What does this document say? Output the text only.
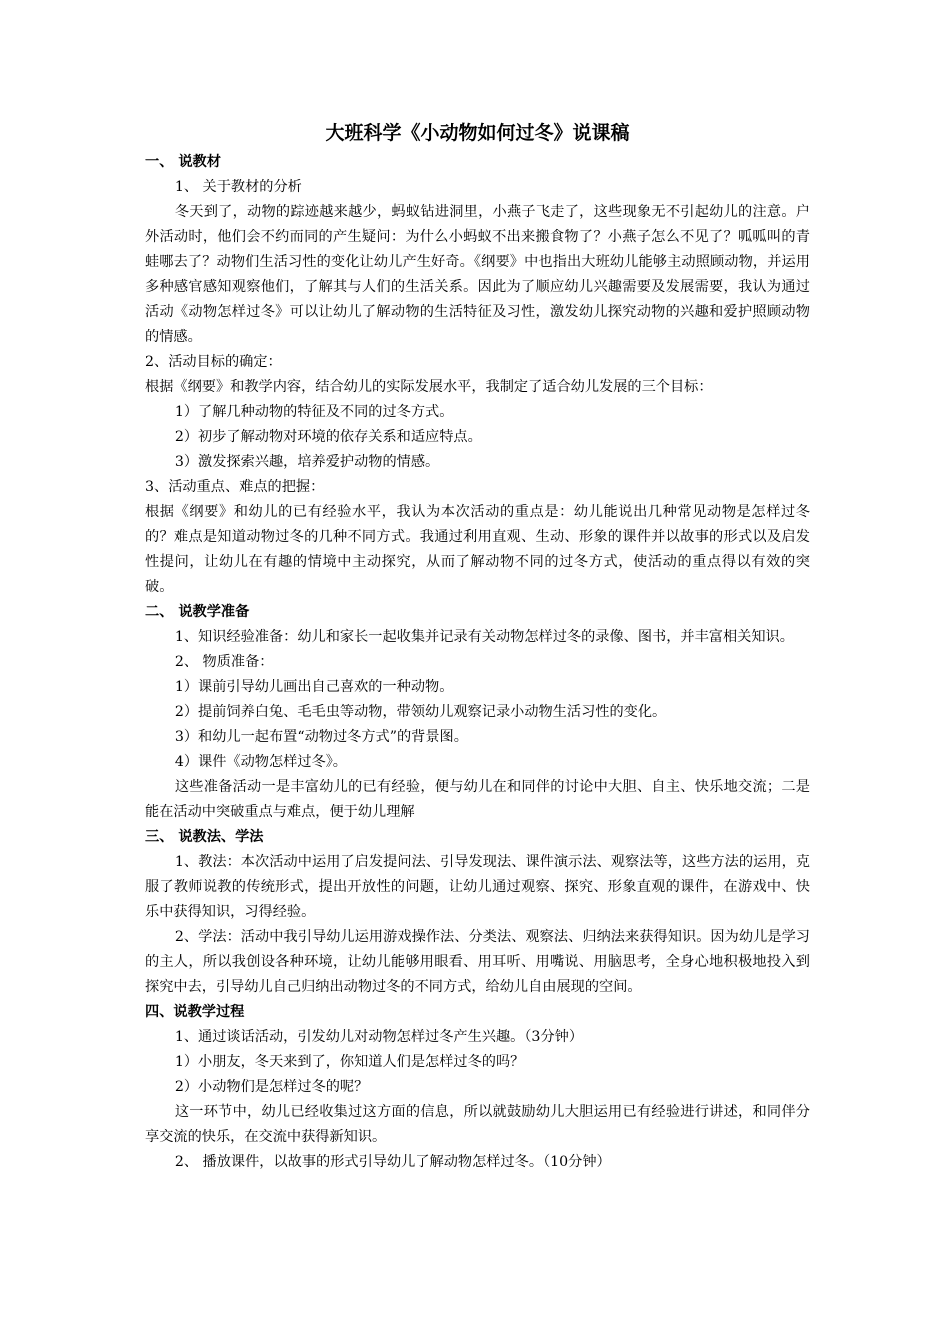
大班科学《小动物如何过冬》说课稿

一、 说教材

1、 关于教材的分析

冬天到了，动物的踪迹越来越少，蚂蚁钻进洞里，小燕子飞走了，这些现象无不引起幼儿的注意。户外活动时，他们会不约而同的产生疑问：为什么小蚂蚁不出来搬食物了？小燕子怎么不见了？呱呱叫的青蛙哪去了？动物们生活习性的变化让幼儿产生好奇。《纲要》中也指出大班幼儿能够主动照顾动物，并运用多种感官感知观察他们，了解其与人们的生活关系。因此为了顺应幼儿兴趣需要及发展需要，我认为通过活动《动物怎样过冬》可以让幼儿了解动物的生活特征及习性，激发幼儿探究动物的兴趣和爱护照顾动物的情感。

2、活动目标的确定：

根据《纲要》和教学内容，结合幼儿的实际发展水平，我制定了适合幼儿发展的三个目标：

1）了解几种动物的特征及不同的过冬方式。

2）初步了解动物对环境的依存关系和适应特点。

3）激发探索兴趣，培养爱护动物的情感。

3、活动重点、难点的把握：

根据《纲要》和幼儿的已有经验水平，我认为本次活动的重点是：幼儿能说出几种常见动物是怎样过冬的？难点是知道动物过冬的几种不同方式。我通过利用直观、生动、形象的课件并以故事的形式以及启发性提问，让幼儿在有趣的情境中主动探究，从而了解动物不同的过冬方式，使活动的重点得以有效的突破。

二、 说教学准备

1、知识经验准备：幼儿和家长一起收集并记录有关动物怎样过冬的录像、图书，并丰富相关知识。

2、 物质准备：

1）课前引导幼儿画出自己喜欢的一种动物。

2）提前饲养白兔、毛毛虫等动物，带领幼儿观察记录小动物生活习性的变化。

3）和幼儿一起布置“动物过冬方式”的背景图。

4）课件《动物怎样过冬》。

这些准备活动一是丰富幼儿的已有经验，便与幼儿在和同伴的讨论中大胆、自主、快乐地交流；二是能在活动中突破重点与难点，便于幼儿理解

三、 说教法、学法

1、教法：本次活动中运用了启发提问法、引导发现法、课件演示法、观察法等，这些方法的运用，克服了教师说教的传统形式，提出开放性的问题，让幼儿通过观察、探究、形象直观的课件，在游戏中、快乐中获得知识，习得经验。

2、学法：活动中我引导幼儿运用游戏操作法、分类法、观察法、归纳法来获得知识。因为幼儿是学习的主人，所以我创设各种环境，让幼儿能够用眼看、用耳听、用嘴说、用脑思考，全身心地积极地投入到探究中去，引导幼儿自己归纳出动物过冬的不同方式，给幼儿自由展现的空间。

四、说教学过程

1、通过谈话活动，引发幼儿对动物怎样过冬产生兴趣。（3分钟）

1）小朋友，冬天来到了，你知道人们是怎样过冬的吗？

2）小动物们是怎样过冬的呢？

这一环节中，幼儿已经收集过这方面的信息，所以就鼓励幼儿大胆运用已有经验进行讲述，和同伴分享交流的快乐，在交流中获得新知识。

2、 播放课件，以故事的形式引导幼儿了解动物怎样过冬。（10分钟）
